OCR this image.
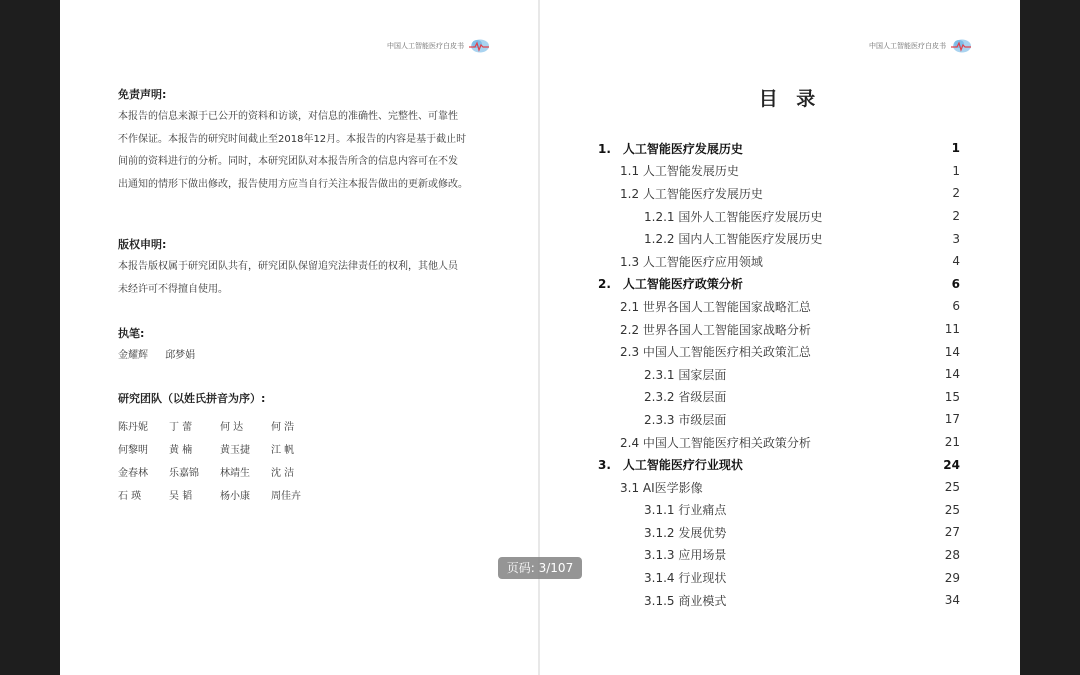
中国人工智能医疗白皮书
免责声明:
本报告的信息来源于已公开的资料和访谈，对信息的准确性、完整性、可靠性
不作保证。本报告的研究时间截止至2018年12月。本报告的内容是基于截止时
间前的资料进行的分析。同时，本研究团队对本报告所含的信息内容可在不发
出通知的情形下做出修改，报告使用方应当自行关注本报告做出的更新或修改。
版权申明:
本报告版权属于研究团队共有，研究团队保留追究法律责任的权利，其他人员
未经许可不得擅自使用。
执笔:
金耀辉 邱梦娟
研究团队（以姓氏拼音为序）:
陈丹妮	丁 蕾	何 达	何 浩
何黎明	黄 楠	黄玉捷	江 帆
金春林	乐嘉锦	林靖生	沈 洁
石 瑛	吴 韬	杨小康	周佳卉
中国人工智能医疗白皮书
目 录
1. 人工智能医疗发展历史	1
1.1 人工智能发展历史	1
1.2 人工智能医疗发展历史	2
1.2.1 国外人工智能医疗发展历史	2
1.2.2 国内人工智能医疗发展历史	3
1.3 人工智能医疗应用领域	4
2. 人工智能医疗政策分析	6
2.1 世界各国人工智能国家战略汇总	6
2.2 世界各国人工智能国家战略分析	11
2.3 中国人工智能医疗相关政策汇总	14
2.3.1 国家层面	14
2.3.2 省级层面	15
2.3.3 市级层面	17
2.4 中国人工智能医疗相关政策分析	21
3. 人工智能医疗行业现状	24
3.1 AI医学影像	25
3.1.1 行业痛点	25
3.1.2 发展优势	27
3.1.3 应用场景	28
3.1.4 行业现状	29
3.1.5 商业模式	34
页码: 3/107
